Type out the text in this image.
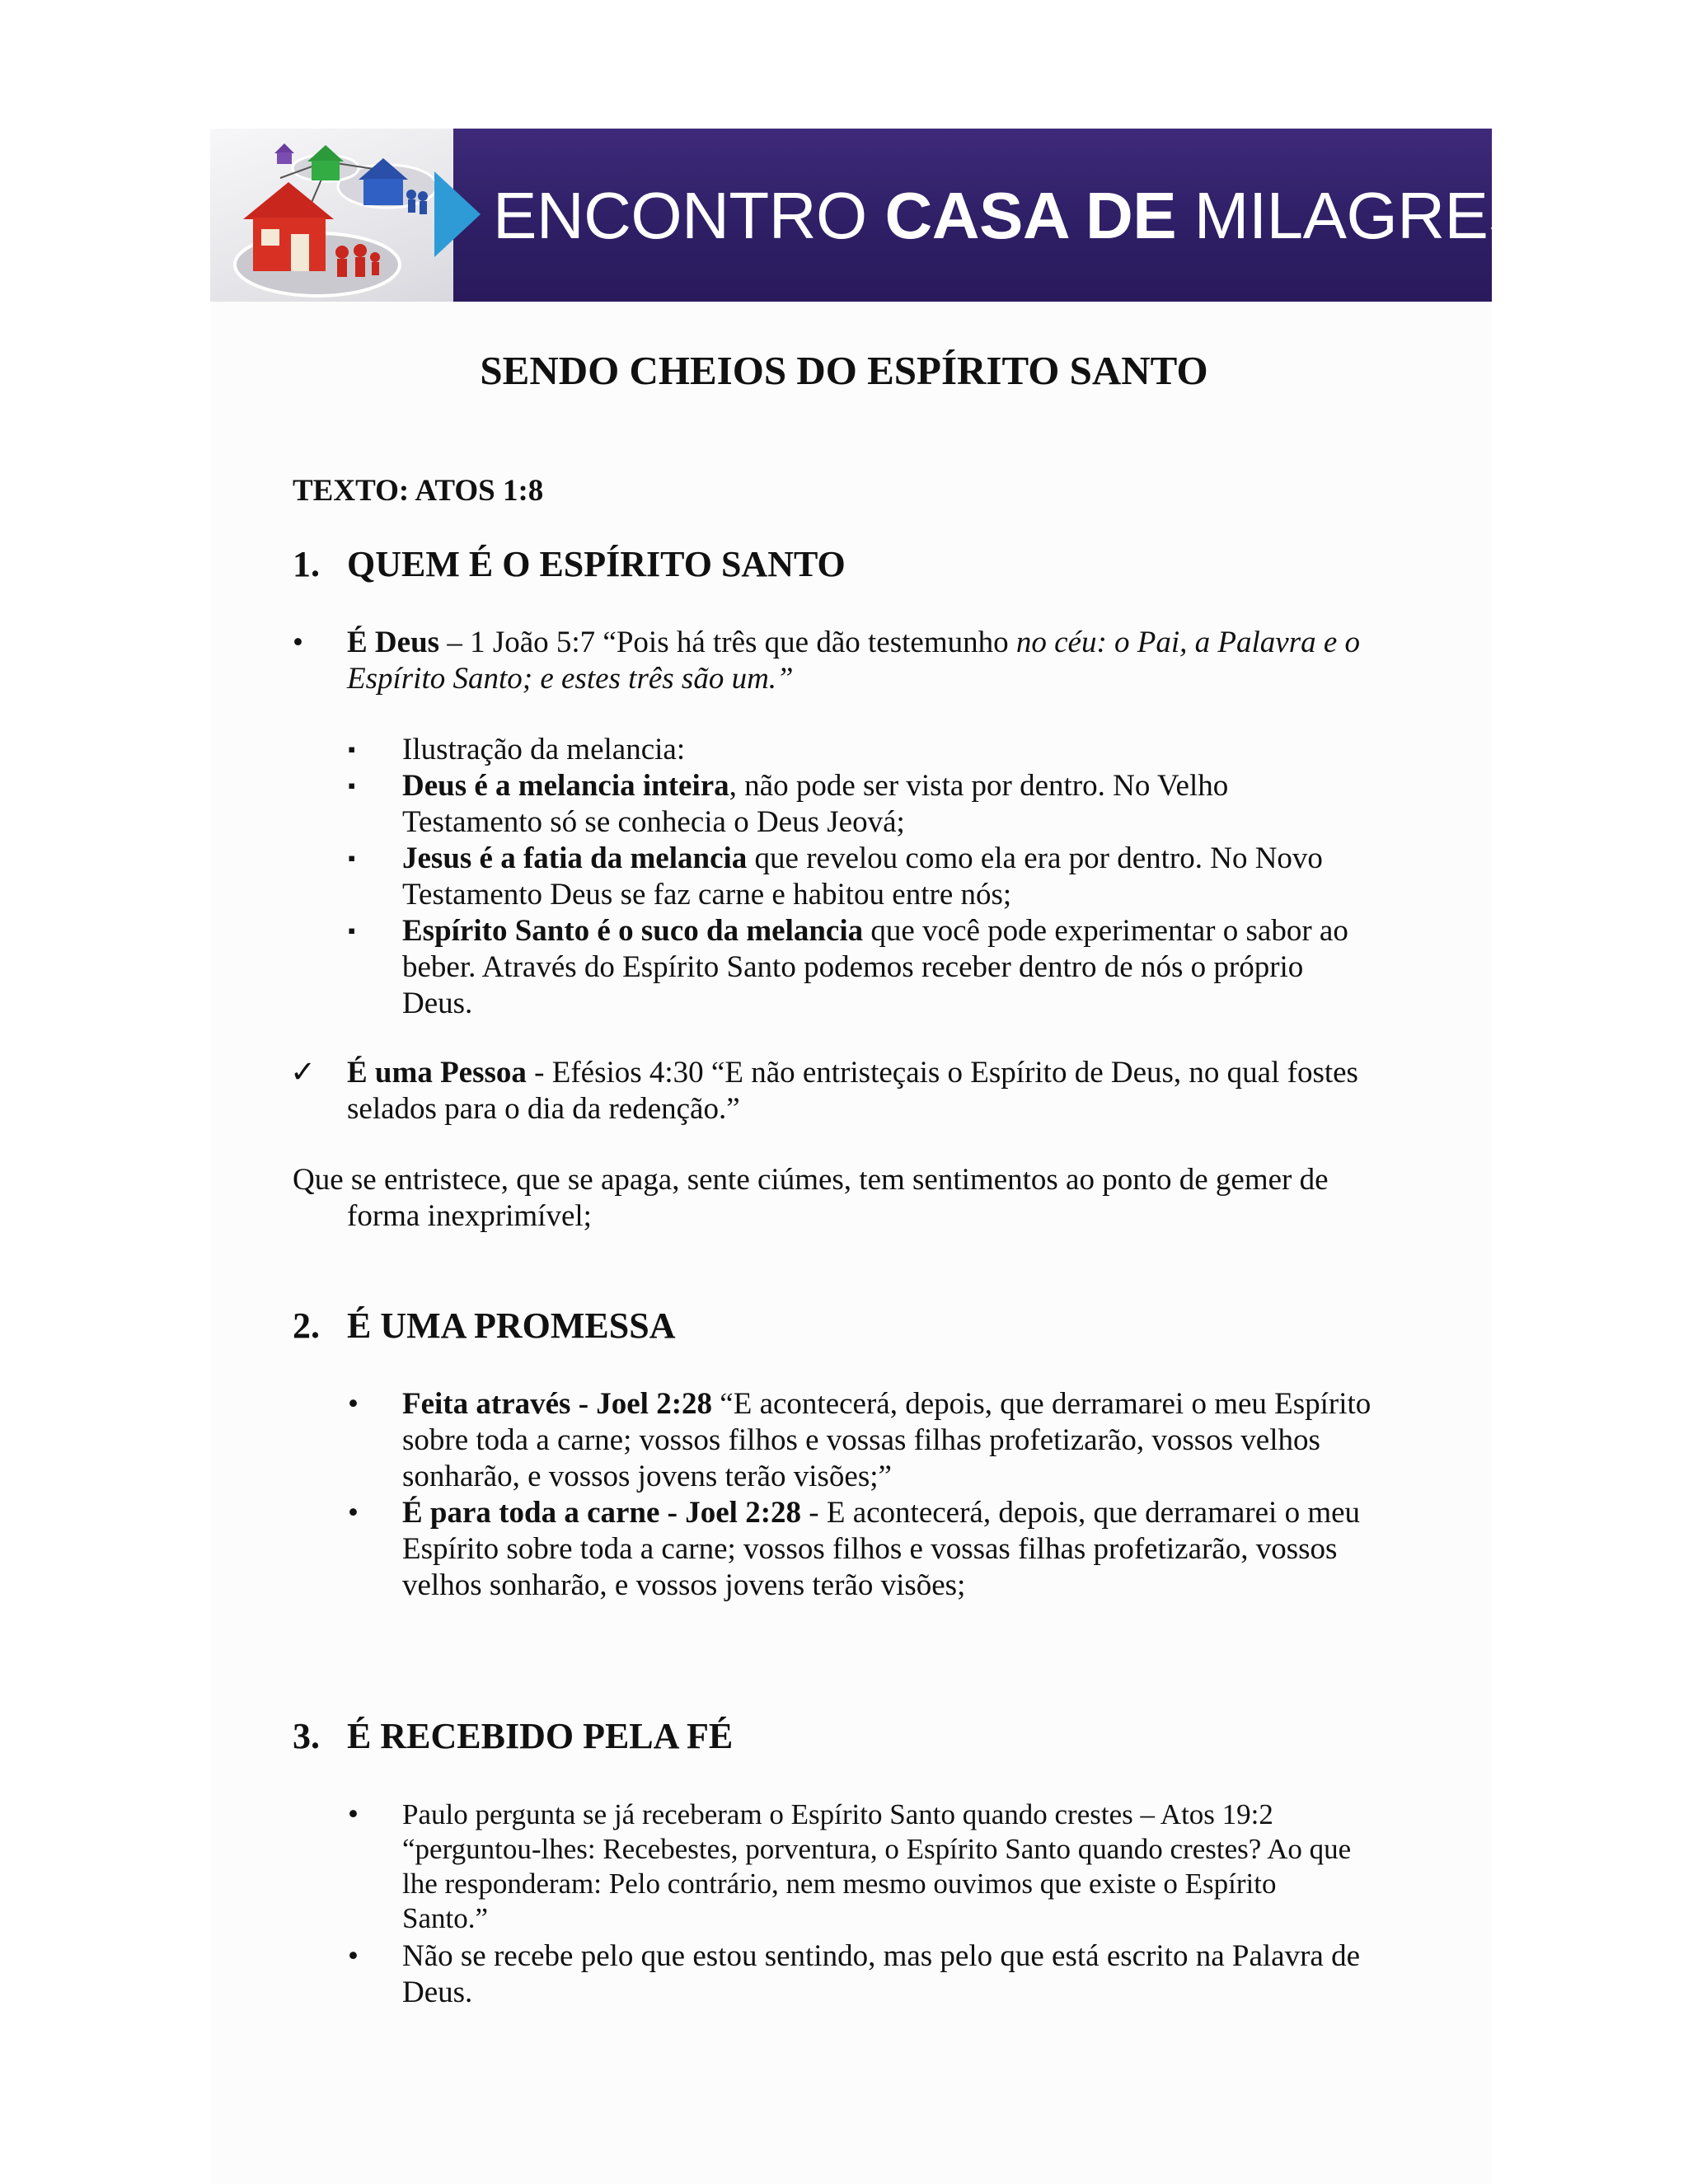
ENCONTRO CASA DE MILAGRES
SENDO CHEIOS DO ESPÍRITO SANTO
TEXTO: ATOS 1:8
1. QUEM É O ESPÍRITO SANTO
• É Deus – 1 João 5:7 “Pois há três que dão testemunho no céu: o Pai, a Palavra e o
Espírito Santo; e estes três são um.”
▪ Ilustração da melancia:
▪ Deus é a melancia inteira, não pode ser vista por dentro. No Velho
Testamento só se conhecia o Deus Jeová;
▪ Jesus é a fatia da melancia que revelou como ela era por dentro. No Novo
Testamento Deus se faz carne e habitou entre nós;
▪ Espírito Santo é o suco da melancia que você pode experimentar o sabor ao
beber. Através do Espírito Santo podemos receber dentro de nós o próprio
Deus.
✓ É uma Pessoa - Efésios 4:30 “E não entristeçais o Espírito de Deus, no qual fostes
selados para o dia da redenção.”
Que se entristece, que se apaga, sente ciúmes, tem sentimentos ao ponto de gemer de
forma inexprimível;
2. É UMA PROMESSA
• Feita através - Joel 2:28 “E acontecerá, depois, que derramarei o meu Espírito
sobre toda a carne; vossos filhos e vossas filhas profetizarão, vossos velhos
sonharão, e vossos jovens terão visões;”
• É para toda a carne - Joel 2:28 - E acontecerá, depois, que derramarei o meu
Espírito sobre toda a carne; vossos filhos e vossas filhas profetizarão, vossos
velhos sonharão, e vossos jovens terão visões;
3. É RECEBIDO PELA FÉ
• Paulo pergunta se já receberam o Espírito Santo quando crestes – Atos 19:2
“perguntou-lhes: Recebestes, porventura, o Espírito Santo quando crestes? Ao que
lhe responderam: Pelo contrário, nem mesmo ouvimos que existe o Espírito
Santo.”
• Não se recebe pelo que estou sentindo, mas pelo que está escrito na Palavra de
Deus.
